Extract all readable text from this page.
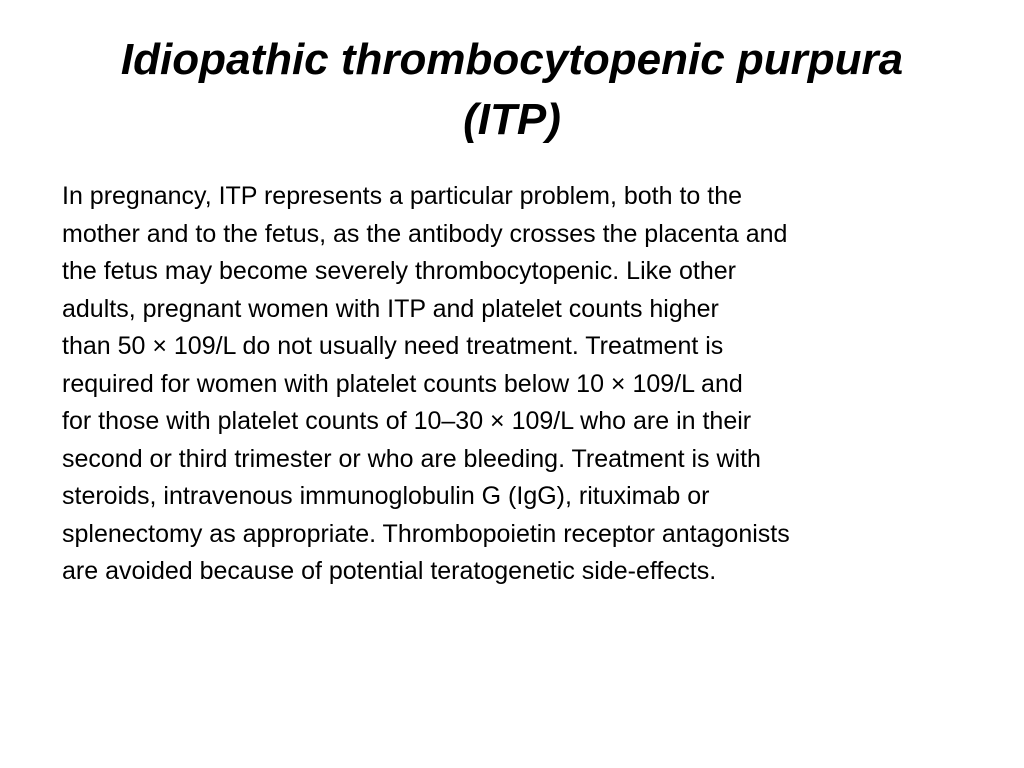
Idiopathic thrombocytopenic purpura
(ITP)
In pregnancy, ITP represents a particular problem, both to the
mother and to the fetus, as the antibody crosses the placenta and
the fetus may become severely thrombocytopenic. Like other
adults, pregnant women with ITP and platelet counts higher
than 50 × 109/L do not usually need treatment. Treatment is
required for women with platelet counts below 10 × 109/L and
for those with platelet counts of 10–30 × 109/L who are in their
second or third trimester or who are bleeding. Treatment is with
steroids, intravenous immunoglobulin G (IgG), rituximab or
splenectomy as appropriate. Thrombopoietin receptor antagonists
are avoided because of potential teratogenetic side-effects.
